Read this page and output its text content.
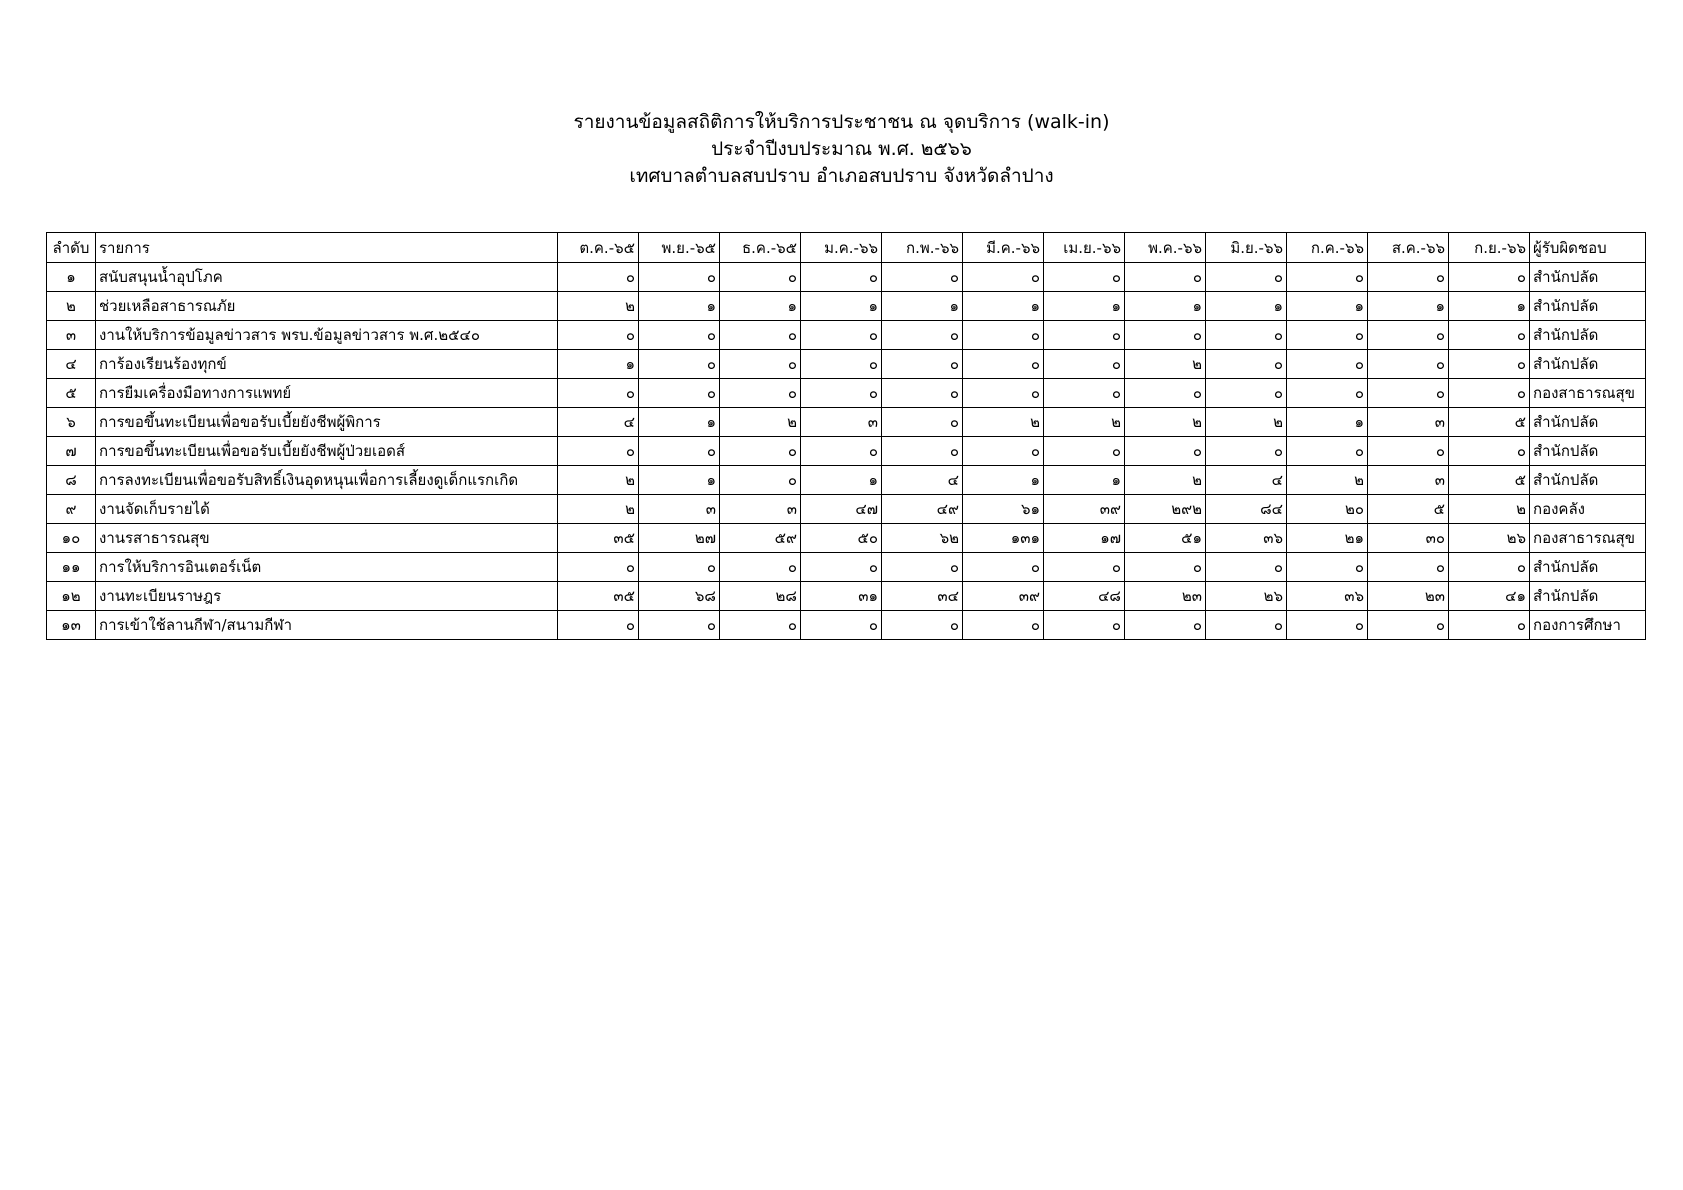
รายงานข้อมูลสถิติการให้บริการประชาชน ณ จุดบริการ (walk-in)
ประจำปีงบประมาณ พ.ศ. ๒๕๖๖
เทศบาลตำบลสบปราบ อำเภอสบปราบ จังหวัดลำปาง
ลำดับ	รายการ	ต.ค.-๖๕	พ.ย.-๖๕	ธ.ค.-๖๕	ม.ค.-๖๖	ก.พ.-๖๖	มี.ค.-๖๖	เม.ย.-๖๖	พ.ค.-๖๖	มิ.ย.-๖๖	ก.ค.-๖๖	ส.ค.-๖๖	ก.ย.-๖๖	ผู้รับผิดชอบ
๑	สนับสนุนน้ำอุปโภค	๐	๐	๐	๐	๐	๐	๐	๐	๐	๐	๐	๐	สำนักปลัด
๒	ช่วยเหลือสาธารณภัย	๒	๑	๑	๑	๑	๑	๑	๑	๑	๑	๑	๑	สำนักปลัด
๓	งานให้บริการข้อมูลข่าวสาร พรบ.ข้อมูลข่าวสาร พ.ศ.๒๕๔๐	๐	๐	๐	๐	๐	๐	๐	๐	๐	๐	๐	๐	สำนักปลัด
๔	การ้องเรียนร้องทุกข์	๑	๐	๐	๐	๐	๐	๐	๒	๐	๐	๐	๐	สำนักปลัด
๕	การยืมเครื่องมือทางการแพทย์	๐	๐	๐	๐	๐	๐	๐	๐	๐	๐	๐	๐	กองสาธารณสุข
๖	การขอขึ้นทะเบียนเพื่อขอรับเบี้ยยังชีพผู้พิการ	๔	๑	๒	๓	๐	๒	๒	๒	๒	๑	๓	๕	สำนักปลัด
๗	การขอขึ้นทะเบียนเพื่อขอรับเบี้ยยังชีพผู้ป่วยเอดส์	๐	๐	๐	๐	๐	๐	๐	๐	๐	๐	๐	๐	สำนักปลัด
๘	การลงทะเบียนเพื่อขอรับสิทธิ์เงินอุดหนุนเพื่อการเลี้ยงดูเด็กแรกเกิด	๒	๑	๐	๑	๔	๑	๑	๒	๔	๒	๓	๕	สำนักปลัด
๙	งานจัดเก็บรายได้	๒	๓	๓	๔๗	๔๙	๖๑	๓๙	๒๙๒	๘๔	๒๐	๕	๒	กองคลัง
๑๐	งานรสาธารณสุข	๓๕	๒๗	๕๙	๕๐	๖๒	๑๓๑	๑๗	๕๑	๓๖	๒๑	๓๐	๒๖	กองสาธารณสุข
๑๑	การให้บริการอินเตอร์เน็ต	๐	๐	๐	๐	๐	๐	๐	๐	๐	๐	๐	๐	สำนักปลัด
๑๒	งานทะเบียนราษฎร	๓๕	๖๘	๒๘	๓๑	๓๔	๓๙	๔๘	๒๓	๒๖	๓๖	๒๓	๔๑	สำนักปลัด
๑๓	การเข้าใช้ลานกีฬา/สนามกีฬา	๐	๐	๐	๐	๐	๐	๐	๐	๐	๐	๐	๐	กองการศึกษา
